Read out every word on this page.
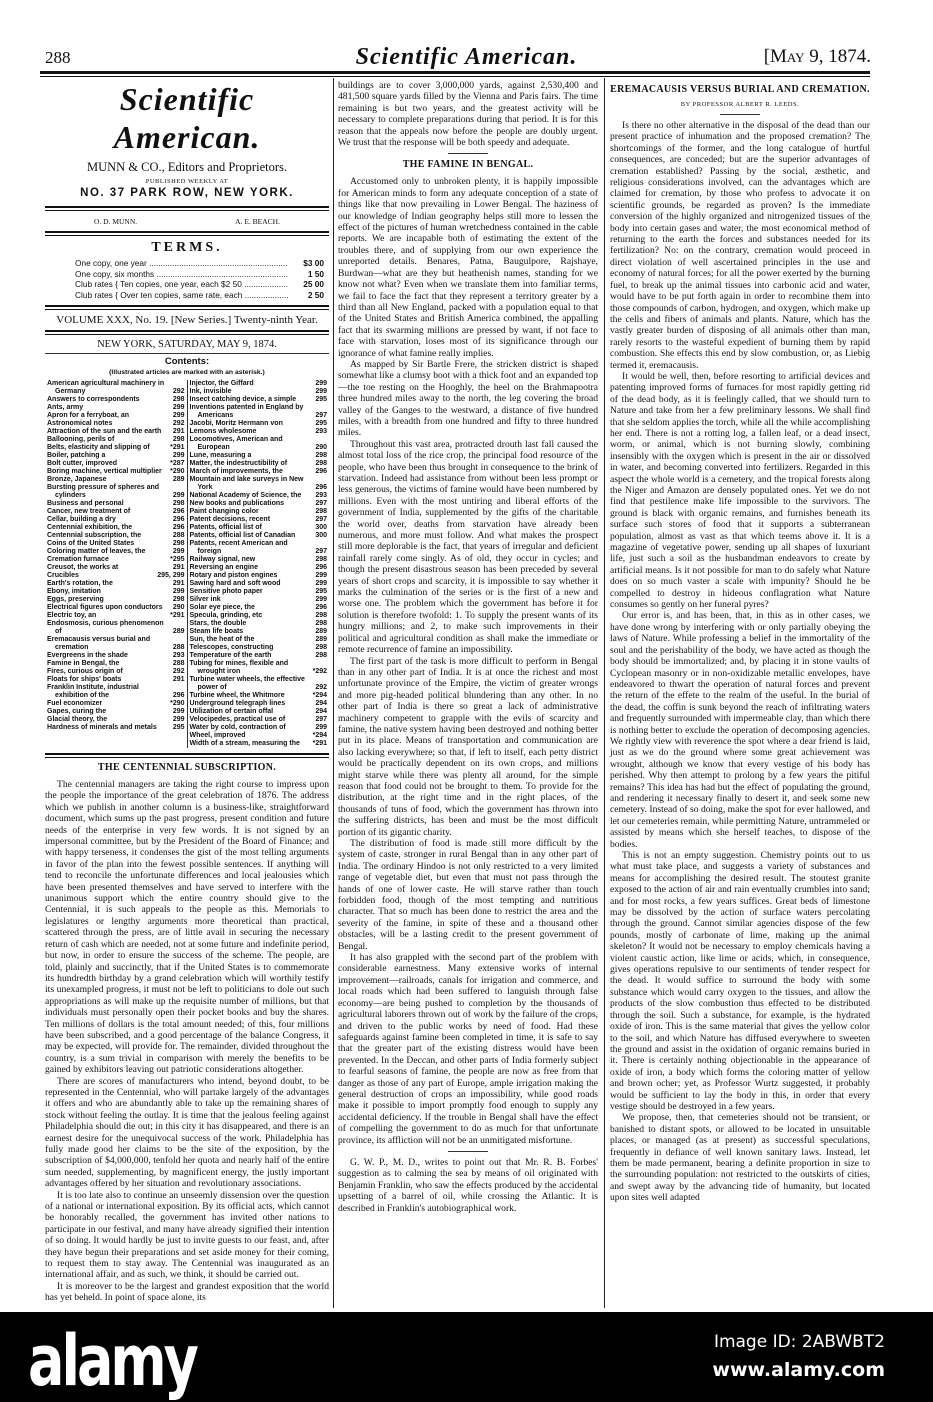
288	Scientific American.	[May 9, 1874.
Scientific American.
MUNN & CO., Editors and Proprietors.
PUBLISHED WEEKLY AT
NO. 37 PARK ROW, NEW YORK.
O. D. MUNN.	A. E. BEACH.
TERMS.
One copy, one year .....	$3 00
One copy, six months .....	1 50
Club rates { Ten copies, one year, each $2 50 .....	25 00
Club rates { Over ten copies, same rate, each .....	2 50
VOLUME XXX, No. 19. [New Series.] Twenty-ninth Year.
NEW YORK, SATURDAY, MAY 9, 1874.
Contents:
(Illustrated articles are marked with an asterisk.)
American agricultural machinery in Germany	292
Answers to correspondents	298
Ants, army	299
Apron for a ferryboat, an	299
Astronomical notes	292
Attraction of the sun and the earth	291
Ballooning, perils of	298
Belts, elasticity and slipping of	*291
Boiler, patching a	299
Bolt cutter, improved	*287
Boring machine, vertical multiplier	*290
Bronze, Japanese	289
Bursting pressure of spheres and cylinders	299
Business and personal	298
Cancer, new treatment of	296
Cellar, building a dry	296
Centennial exhibition, the	296
Centennial subscription, the	288
Coins of the United States	298
Coloring matter of leaves, the	299
Cremation furnace	*295
Creusot, the works at	291
Crucibles	295, 299
Earth's rotation, the	291
Ebony, imitation	299
Eggs, preserving	298
Electrical figures upon conductors	290
Electric toy, an	*291
Endosmosis, curious phenomenon of	289
Eremacausis versus burial and cremation	288
Evergreens in the shade	293
Famine in Bengal, the	288
Fires, curious origin of	292
Floats for ships' boats	291
Franklin Institute, industrial exhibition of the	296
Fuel economizer	*290
Gapes, curing the	299
Glacial theory, the	299
Hardness of minerals and metals	295
Injector, the Giffard	299
Ink, invisible	299
Insect catching device, a simple	295
Inventions patented in England by Americans	297
Jacobi, Moritz Hermann von	295
Lemons wholesome	293
Locomotives, American and European	290
Lune, measuring a	298
Matter, the indestructibility of	298
March of improvements, the	296
Mountain and lake surveys in New York	296
National Academy of Science, the	293
New books and publications	297
Paint changing color	298
Patent decisions, recent	297
Patents, official list of	300
Patents, official list of Canadian	300
Patents, recent American and foreign	297
Railway signal, new	298
Reversing an engine	296
Rotary and piston engines	299
Sawing hard and soft wood	299
Sensitive photo paper	295
Silver ink	299
Solar eye piece, the	296
Specula, grinding, etc	298
Stars, the double	298
Steam life boats	289
Sun, the heat of the	289
Telescopes, constructing	298
Temperature of the earth	298
Tubing for mines, flexible and wrought iron	*292
Turbine water wheels, the effective power of	292
Turbine wheel, the Whitmore	*294
Underground telegraph lines	294
Utilization of certain offal	294
Velocipedes, practical use of	297
Water by cold, contraction of	299
Wheel, improved	*294
Width of a stream, measuring the	*291
THE CENTENNIAL SUBSCRIPTION.

The centennial managers are taking the right course to impress upon the people the importance of the great celebration of 1876. The address which we publish in another column is a business-like, straightforward document, which sums up the past progress, present condition and future needs of the enterprise in very few words. It is not signed by an impersonal committee, but by the President of the Board of Finance; and with happy terseness, it condenses the gist of the most telling arguments in favor of the plan into the fewest possible sentences. If anything will tend to reconcile the unfortunate differences and local jealousies which have been presented themselves and have served to interfere with the unanimous support which the entire country should give to the Centennial, it is such appeals to the people as this. Memorials to legislatures or lengthy arguments more theoretical than practical, scattered through the press, are of little avail in securing the necessary return of cash which are needed, not at some future and indefinite period, but now, in order to ensure the success of the scheme. The people, are told, plainly and succinctly, that if the United States is to commemorate its hundredth birthday by a grand celebration which will worthily testify its unexampled progress, it must not be left to politicians to dole out such appropriations as will make up the requisite number of millions, but that individuals must personally open their pocket books and buy the shares. Ten millions of dollars is the total amount needed; of this, four millions have been subscribed, and a good percentage of the balance Congress, it may be expected, will provide for. The remainder, divided throughout the country, is a sum trivial in comparison with merely the benefits to be gained by exhibitors leaving out patriotic considerations altogether.

There are scores of manufacturers who intend, beyond doubt, to be represented in the Centennial, who will partake largely of the advantages it offers and who are abundantly able to take up the remaining shares of stock without feeling the outlay. It is time that the jealous feeling against Philadelphia should die out; in this city it has disappeared, and there is an earnest desire for the unequivocal success of the work. Philadelphia has fully made good her claims to be the site of the exposition, by the subscription of $4,000,000, tenfold her quota and nearly half of the entire sum needed, supplementing, by magnificent energy, the justly important advantages offered by her situation and revolutionary associations.

It is too late also to continue an unseemly dissension over the question of a national or international exposition. By its official acts, which cannot be honorably recalled, the government has invited other nations to participate in our festival, and many have already signified their intention of so doing. It would hardly be just to invite guests to our feast, and, after they have begun their preparations and set aside money for their coming, to request them to stay away. The Centennial was inaugurated as an international affair, and as such, we think, it should be carried out.

It is moreover to be the largest and grandest exposition that the world has yet beheld. In point of space alone, its

buildings are to cover 3,000,000 yards, against 2,530,400 and 481,500 square yards filled by the Vienna and Paris fairs. The time remaining is but two years, and the greatest activity will be necessary to complete preparations during that period. It is for this reason that the appeals now before the people are doubly urgent. We trust that the response will be both speedy and adequate.

THE FAMINE IN BENGAL.

Accustomed only to unbroken plenty, it is happily impossible for American minds to form any adequate conception of a state of things like that now prevailing in Lower Bengal. The haziness of our knowledge of Indian geography helps still more to lessen the effect of the pictures of human wretchedness contained in the cable reports. We are incapable both of estimating the extent of the troubles there, and of supplying from our own experience the unreported details. Benares, Patna, Baugulpore, Rajshaye, Burdwan—what are they but heathenish names, standing for we know not what? Even when we translate them into familiar terms, we fail to face the fact that they represent a territory greater by a third than all New England, packed with a population equal to that of the United States and British America combined, the appalling fact that its swarming millions are pressed by want, if not face to face with starvation, loses most of its significance through our ignorance of what famine really implies.

As mapped by Sir Bartle Frere, the stricken district is shaped somewhat like a clumsy boot with a thick foot and an expanded top—the toe resting on the Hooghly, the heel on the Brahmapootra three hundred miles away to the north, the leg covering the broad valley of the Ganges to the westward, a distance of five hundred miles, with a breadth from one hundred and fifty to three hundred miles.

Throughout this vast area, protracted drouth last fall caused the almost total loss of the rice crop, the principal food resource of the people, who have been thus brought in consequence to the brink of starvation. Indeed had assistance from without been less prompt or less generous, the victims of famine would have been numbered by millions. Even with the most untiring and liberal efforts of the government of India, supplemented by the gifts of the charitable the world over, deaths from starvation have already been numerous, and more must follow. And what makes the prospect still more deplorable is the fact, that years of irregular and deficient rainfall rarely come singly. As of old, they occur in cycles; and though the present disastrous season has been preceded by several years of short crops and scarcity, it is impossible to say whether it marks the culmination of the series or is the first of a new and worse one. The problem which the government has before it for solution is therefore twofold: 1. To supply the present wants of its hungry millions; and 2, to make such improvements in their political and agricultural condition as shall make the immediate or remote recurrence of famine an impossibility.

The first part of the task is more difficult to perform in Bengal than in any other part of India. It is at once the richest and most unfortunate province of the Empire, the victim of greater wrongs and more pig-headed political blundering than any other. In no other part of India is there so great a lack of administrative machinery competent to grapple with the evils of scarcity and famine, the native system having been destroyed and nothing better put in its place. Means of transportation and communication are also lacking everywhere; so that, if left to itself, each petty district would be practically dependent on its own crops, and millions might starve while there was plenty all around, for the simple reason that food could not be brought to them. To provide for the distribution, at the right time and in the right places, of the thousands of tuns of food, which the government has thrown into the suffering districts, has been and must be the most difficult portion of its gigantic charity.

The distribution of food is made still more difficult by the system of caste, stronger in rural Bengal than in any other part of India. The ordinary Hindoo is not only restricted to a very limited range of vegetable diet, but even that must not pass through the hands of one of lower caste. He will starve rather than touch forbidden food, though of the most tempting and nutritious character. That so much has been done to restrict the area and the severity of the famine, in spite of these and a thousand other obstacles, will be a lasting credit to the present government of Bengal.

It has also grappled with the second part of the problem with considerable earnestness. Many extensive works of internal improvement—railroads, canals for irrigation and commerce, and local roads which had been suffered to languish through false economy—are being pushed to completion by the thousands of agricultural laborers thrown out of work by the failure of the crops, and driven to the public works by need of food. Had these safeguards against famine been completed in time, it is safe to say that the greater part of the existing distress would have been prevented. In the Deccan, and other parts of India formerly subject to fearful seasons of famine, the people are now as free from that danger as those of any part of Europe, ample irrigation making the general destruction of crops an impossibility, while good roads make it possible to import promptly food enough to supply any accidental deficiency. If the trouble in Bengal shall have the effect of compelling the government to do as much for that unfortunate province, its affliction will not be an unmitigated misfortune.

G. W. P., M. D., writes to point out that Mr. R. B. Forbes' suggestion as to calming the sea by means of oil originated with Benjamin Franklin, who saw the effects produced by the accidental upsetting of a barrel of oil, while crossing the Atlantic. It is described in Franklin's autobiographical work.

EREMACAUSIS VERSUS BURIAL AND CREMATION.
BY PROFESSOR ALBERT R. LEEDS.

Is there no other alternative in the disposal of the dead than our present practice of inhumation and the proposed cremation? The shortcomings of the former, and the long catalogue of hurtful consequences, are conceded; but are the superior advantages of cremation established? Passing by the social, æsthetic, and religious considerations involved, can the advantages which are claimed for cremation, by those who profess to advocate it on scientific grounds, be regarded as proven? Is the immediate conversion of the highly organized and nitrogenized tissues of the body into certain gases and water, the most economical method of returning to the earth the forces and substances needed for its fertilization? No: on the contrary, cremation would proceed in direct violation of well ascertained principles in the use and economy of natural forces; for all the power exerted by the burning fuel, to break up the animal tissues into carbonic acid and water, would have to be put forth again in order to recombine them into those compounds of carbon, hydrogen, and oxygen, which make up the cells and fibers of animals and plants. Nature, which has the vastly greater burden of disposing of all animals other than man, rarely resorts to the wasteful expedient of burning them by rapid combustion. She effects this end by slow combustion, or, as Liebig termed it, eremacausis.

It would be well, then, before resorting to artificial devices and patenting improved forms of furnaces for most rapidly getting rid of the dead body, as it is feelingly called, that we should turn to Nature and take from her a few preliminary lessons. We shall find that she seldom applies the torch, while all the while accomplishing her end. There is not a rotting log, a fallen leaf, or a dead insect, worm, or animal, which is not burning slowly, combining insensibly with the oxygen which is present in the air or dissolved in water, and becoming converted into fertilizers. Regarded in this aspect the whole world is a cemetery, and the tropical forests along the Niger and Amazon are densely populated ones. Yet we do not find that pestilence make life impossible to the survivors. The ground is black with organic remains, and furnishes beneath its surface such stores of food that it supports a subterranean population, almost as vast as that which teems above it. It is a magazine of vegetative power, sending up all shapes of luxuriant life, just such a soil as the husbandman endeavors to create by artificial means. Is it not possible for man to do safely what Nature does on so much vaster a scale with impunity? Should he be compelled to destroy in hideous conflagration what Nature consumes so gently on her funeral pyres?

Our error is, and has been, that, in this as in other cases, we have done wrong by interfering with or only partially obeying the laws of Nature. While professing a belief in the immortality of the soul and the perishability of the body, we have acted as though the body should be immortalized; and, by placing it in stone vaults of Cyclopean masonry or in non-oxidizable metallic envelopes, have endeavored to thwart the operation of natural forces and prevent the return of the effete to the realm of the useful. In the burial of the dead, the coffin is sunk beyond the reach of infiltrating waters and frequently surrounded with impermeable clay, than which there is nothing better to exclude the operation of decomposing agencies. We rightly view with reverence the spot where a dear friend is laid, just as we do the ground where some great achievement was wrought, although we know that every vestige of his body has perished. Why then attempt to prolong by a few years the pitiful remains? This idea has had but the effect of populating the ground, and rendering it necessary finally to desert it, and seek some new cemetery. Instead of so doing, make the spot for ever hallowed, and let our cemeteries remain, while permitting Nature, untrammeled or assisted by means which she herself teaches, to dispose of the bodies.

This is not an empty suggestion. Chemistry points out to us what must take place, and suggests a variety of substances and means for accomplishing the desired result. The stoutest granite exposed to the action of air and rain eventually crumbles into sand; and for most rocks, a few years suffices. Great beds of limestone may be dissolved by the action of surface waters percolating through the ground. Cannot similar agencies dispose of the few pounds, mostly of carbonate of lime, making up the animal skeleton? It would not be necessary to employ chemicals having a violent caustic action, like lime or acids, which, in consequence, gives operations repulsive to our sentiments of tender respect for the dead. It would suffice to surround the body with some substance which would carry oxygen to the tissues, and allow the products of the slow combustion thus effected to be distributed through the soil. Such a substance, for example, is the hydrated oxide of iron. This is the same material that gives the yellow color to the soil, and which Nature has diffused everywhere to sweeten the ground and assist in the oxidation of organic remains buried in it. There is certainly nothing objectionable in the appearance of oxide of iron, a body which forms the coloring matter of yellow and brown ocher; yet, as Professor Wurtz suggested, it probably would be sufficient to lay the body in this, in order that every vestige should be destroyed in a few years.

We propose, then, that cemeteries should not be transient, or banished to distant spots, or allowed to be located in unsuitable places, or managed (as at present) as successful speculations, frequently in defiance of well known sanitary laws. Instead, let them be made permanent, bearing a definite proportion in size to the surrounding population: not restricted to the outskirts of cities, and swept away by the advancing tide of humanity, but located upon sites well adapted

alamy	Image ID: 2ABWBT2
www.alamy.com
